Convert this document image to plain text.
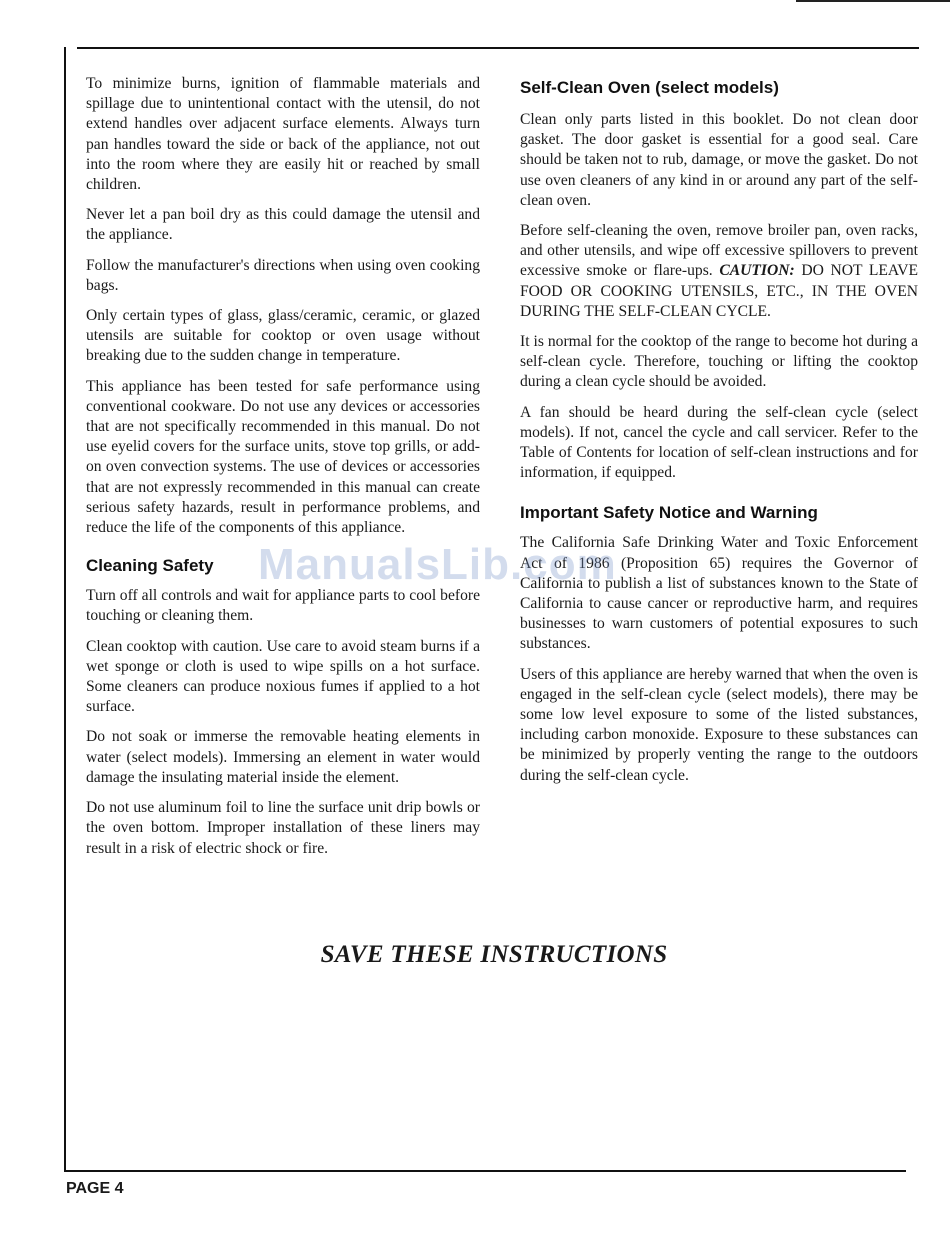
To minimize burns, ignition of flammable materials and spillage due to unintentional contact with the utensil, do not extend handles over adjacent surface elements. Always turn pan handles toward the side or back of the appliance, not out into the room where they are easily hit or reached by small children.

Never let a pan boil dry as this could damage the utensil and the appliance.

Follow the manufacturer's directions when using oven cooking bags.

Only certain types of glass, glass/ceramic, ceramic, or glazed utensils are suitable for cooktop or oven usage without breaking due to the sudden change in temperature.

This appliance has been tested for safe performance using conventional cookware. Do not use any devices or accessories that are not specifically recommended in this manual. Do not use eyelid covers for the surface units, stove top grills, or add-on oven convection systems. The use of devices or accessories that are not expressly recommended in this manual can create serious safety hazards, result in performance problems, and reduce the life of the components of this appliance.

Cleaning Safety

Turn off all controls and wait for appliance parts to cool before touching or cleaning them.

Clean cooktop with caution. Use care to avoid steam burns if a wet sponge or cloth is used to wipe spills on a hot surface. Some cleaners can produce noxious fumes if applied to a hot surface.

Do not soak or immerse the removable heating elements in water (select models). Immersing an element in water would damage the insulating material inside the element.

Do not use aluminum foil to line the surface unit drip bowls or the oven bottom. Improper installation of these liners may result in a risk of electric shock or fire.

Self-Clean Oven (select models)

Clean only parts listed in this booklet. Do not clean door gasket. The door gasket is essential for a good seal. Care should be taken not to rub, damage, or move the gasket. Do not use oven cleaners of any kind in or around any part of the self-clean oven.

Before self-cleaning the oven, remove broiler pan, oven racks, and other utensils, and wipe off excessive spillovers to prevent excessive smoke or flare-ups. CAUTION: DO NOT LEAVE FOOD OR COOKING UTENSILS, ETC., IN THE OVEN DURING THE SELF-CLEAN CYCLE.

It is normal for the cooktop of the range to become hot during a self-clean cycle. Therefore, touching or lifting the cooktop during a clean cycle should be avoided.

A fan should be heard during the self-clean cycle (select models). If not, cancel the cycle and call servicer. Refer to the Table of Contents for location of self-clean instructions and for information, if equipped.

Important Safety Notice and Warning

The California Safe Drinking Water and Toxic Enforcement Act of 1986 (Proposition 65) requires the Governor of California to publish a list of substances known to the State of California to cause cancer or reproductive harm, and requires businesses to warn customers of potential exposures to such substances.

Users of this appliance are hereby warned that when the oven is engaged in the self-clean cycle (select models), there may be some low level exposure to some of the listed substances, including carbon monoxide. Exposure to these substances can be minimized by properly venting the range to the outdoors during the self-clean cycle.

ManualsLib.com
SAVE THESE INSTRUCTIONS
PAGE 4
